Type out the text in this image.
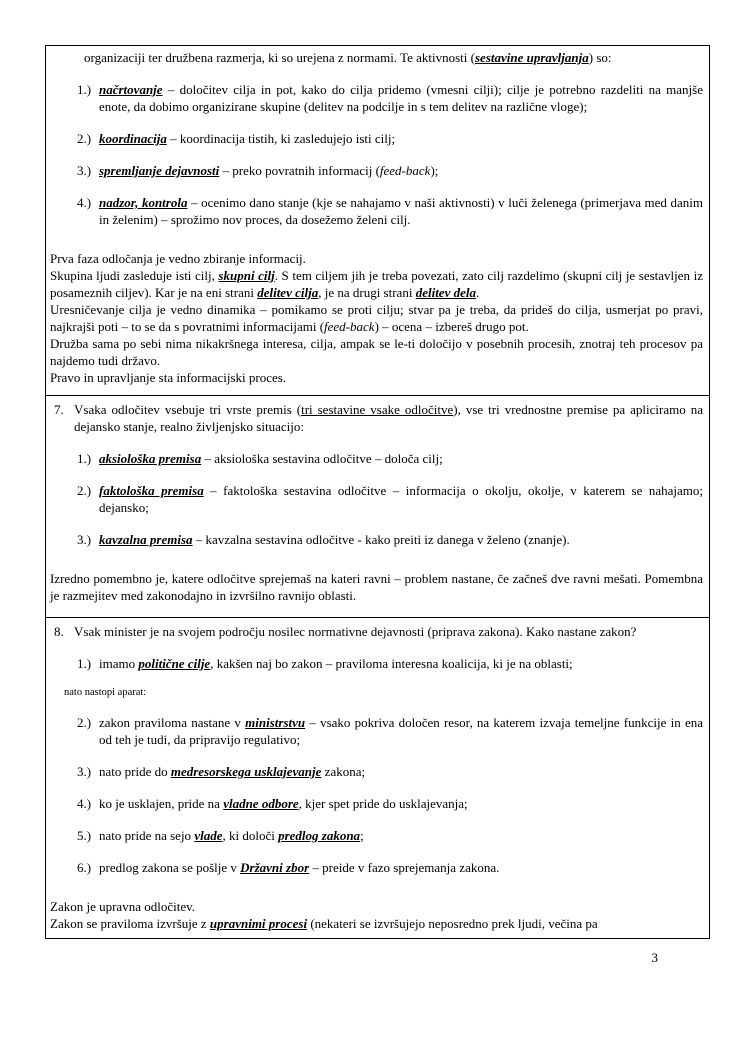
organizaciji ter družbena razmerja, ki so urejena z normami. Te aktivnosti (sestavine upravljanja) so:
1.) načrtovanje – določitev cilja in pot, kako do cilja pridemo (vmesni cilji); cilje je potrebno razdeliti na manjše enote, da dobimo organizirane skupine (delitev na podcilje in s tem delitev na različne vloge);
2.) koordinacija – koordinacija tistih, ki zasledujejo isti cilj;
3.) spremljanje dejavnosti – preko povratnih informacij (feed-back);
4.) nadzor, kontrola – ocenimo dano stanje (kje se nahajamo v naši aktivnosti) v luči želenega (primerjava med danim in želenim) – sprožimo nov proces, da dosežemo želeni cilj.
Prva faza odločanja je vedno zbiranje informacij.
Skupina ljudi zasleduje isti cilj, skupni cilj. S tem ciljem jih je treba povezati, zato cilj razdelimo (skupni cilj je sestavljen iz posameznih ciljev). Kar je na eni strani delitev cilja, je na drugi strani delitev dela.
Uresničevanje cilja je vedno dinamika – pomikamo se proti cilju; stvar pa je treba, da prideš do cilja, usmerjat po pravi, najkrajši poti – to se da s povratnimi informacijami (feed-back) – ocena – izbereš drugo pot.
Družba sama po sebi nima nikakršnega interesa, cilja, ampak se le-ti določijo v posebnih procesih, znotraj teh procesov pa najdemo tudi državo.
Pravo in upravljanje sta informacijski proces.
7. Vsaka odločitev vsebuje tri vrste premis (tri sestavine vsake odločitve), vse tri vrednostne premise pa apliciramo na dejansko stanje, realno življenjsko situacijo:
1.) aksiološka premisa – aksiološka sestavina odločitve – določa cilj;
2.) faktološka premisa – faktološka sestavina odločitve – informacija o okolju, okolje, v katerem se nahajamo; dejansko;
3.) kavzalna premisa – kavzalna sestavina odločitve - kako preiti iz danega v želeno (znanje).
Izredno pomembno je, katere odločitve sprejemaš na kateri ravni – problem nastane, če začneš dve ravni mešati. Pomembna je razmejitev med zakonodajno in izvršilno ravnijo oblasti.
8. Vsak minister je na svojem področju nosilec normativne dejavnosti (priprava zakona). Kako nastane zakon?
1.) imamo politične cilje, kakšen naj bo zakon – praviloma interesna koalicija, ki je na oblasti;
nato nastopi aparat:
2.) zakon praviloma nastane v ministrstvu – vsako pokriva določen resor, na katerem izvaja temeljne funkcije in ena od teh je tudi, da pripravijo regulativo;
3.) nato pride do medresorskega usklajevanje zakona;
4.) ko je usklajen, pride na vladne odbore, kjer spet pride do usklajevanja;
5.) nato pride na sejo vlade, ki določi predlog zakona;
6.) predlog zakona se pošlje v Državni zbor – preide v fazo sprejemanja zakona.
Zakon je upravna odločitev.
Zakon se praviloma izvršuje z upravnimi procesi (nekateri se izvršujejo neposredno prek ljudi, večina pa
3
